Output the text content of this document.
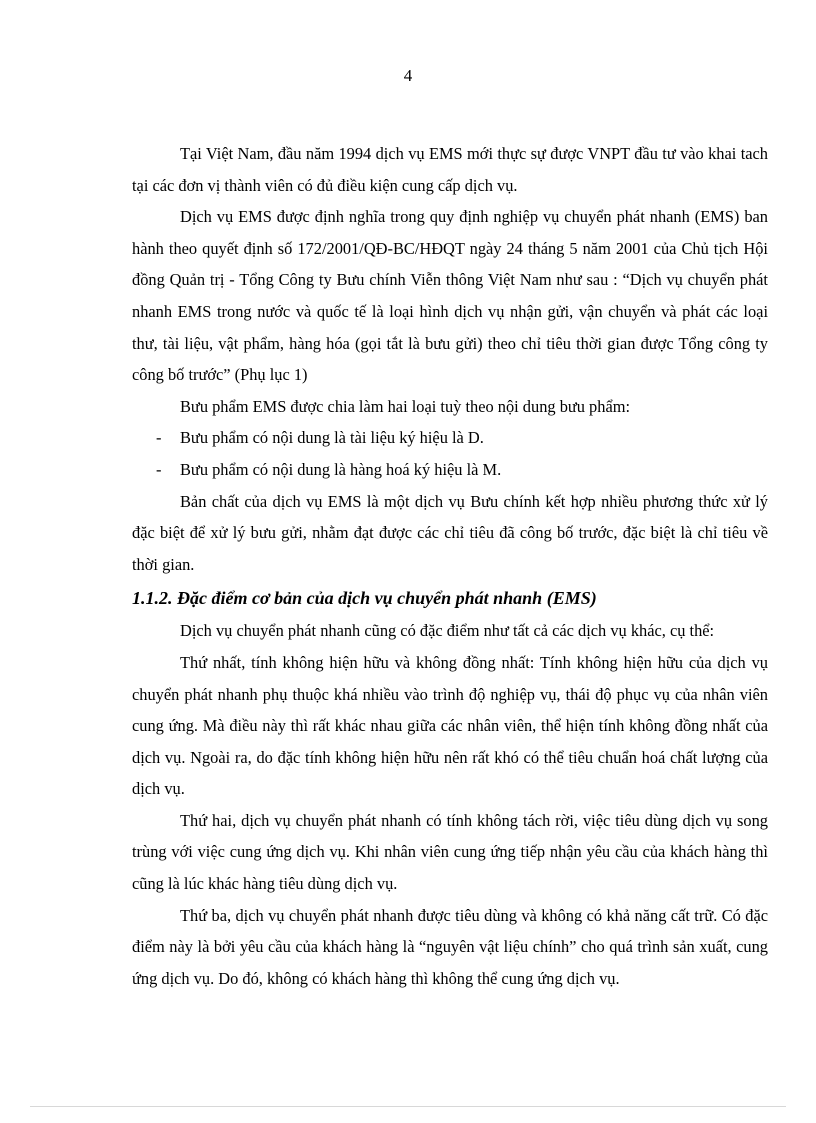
4

Tại Việt Nam, đầu năm 1994 dịch vụ EMS mới thực sự được VNPT đầu tư vào khai tach tại các đơn vị thành viên có đủ điều kiện cung cấp dịch vụ.

Dịch vụ EMS được định nghĩa trong quy định nghiệp vụ chuyển phát nhanh (EMS) ban hành theo quyết định số 172/2001/QĐ-BC/HĐQT ngày 24 tháng 5 năm 2001 của Chủ tịch Hội đồng Quản trị - Tổng Công ty Bưu chính Viễn thông Việt Nam như sau : “Dịch vụ chuyển phát nhanh EMS trong nước và quốc tế là loại hình dịch vụ nhận gửi, vận chuyển và phát các loại thư, tài liệu, vật phẩm, hàng hóa (gọi tắt là bưu gửi) theo chỉ tiêu thời gian được Tổng công ty công bố trước” (Phụ lục 1)

Bưu phẩm EMS được chia làm hai loại tuỳ theo nội dung bưu phẩm:

- Bưu phẩm có nội dung là tài liệu ký hiệu là D.
- Bưu phẩm có nội dung là hàng hoá ký hiệu là M.

Bản chất của dịch vụ EMS là một dịch vụ Bưu chính kết hợp nhiều phương thức xử lý đặc biệt để xử lý bưu gửi, nhằm đạt được các chỉ tiêu đã công bố trước, đặc biệt là chỉ tiêu về thời gian.

1.1.2. Đặc điểm cơ bản của dịch vụ chuyển phát nhanh (EMS)

Dịch vụ chuyển phát nhanh cũng có đặc điểm như tất cả các dịch vụ khác, cụ thể:

Thứ nhất, tính không hiện hữu và không đồng nhất: Tính không hiện hữu của dịch vụ chuyển phát nhanh phụ thuộc khá nhiều vào trình độ nghiệp vụ, thái độ phục vụ của nhân viên cung ứng. Mà điều này thì rất khác nhau giữa các nhân viên, thể hiện tính không đồng nhất của dịch vụ. Ngoài ra, do đặc tính không hiện hữu nên rất khó có thể tiêu chuẩn hoá chất lượng của dịch vụ.

Thứ hai, dịch vụ chuyển phát nhanh có tính không tách rời, việc tiêu dùng dịch vụ song trùng với việc cung ứng dịch vụ. Khi nhân viên cung ứng tiếp nhận yêu cầu của khách hàng thì cũng là lúc khác hàng tiêu dùng dịch vụ.

Thứ ba, dịch vụ chuyển phát nhanh được tiêu dùng và không có khả năng cất trữ. Có đặc điểm này là bởi yêu cầu của khách hàng là “nguyên vật liệu chính” cho quá trình sản xuất, cung ứng dịch vụ. Do đó, không có khách hàng thì không thể cung ứng dịch vụ.
